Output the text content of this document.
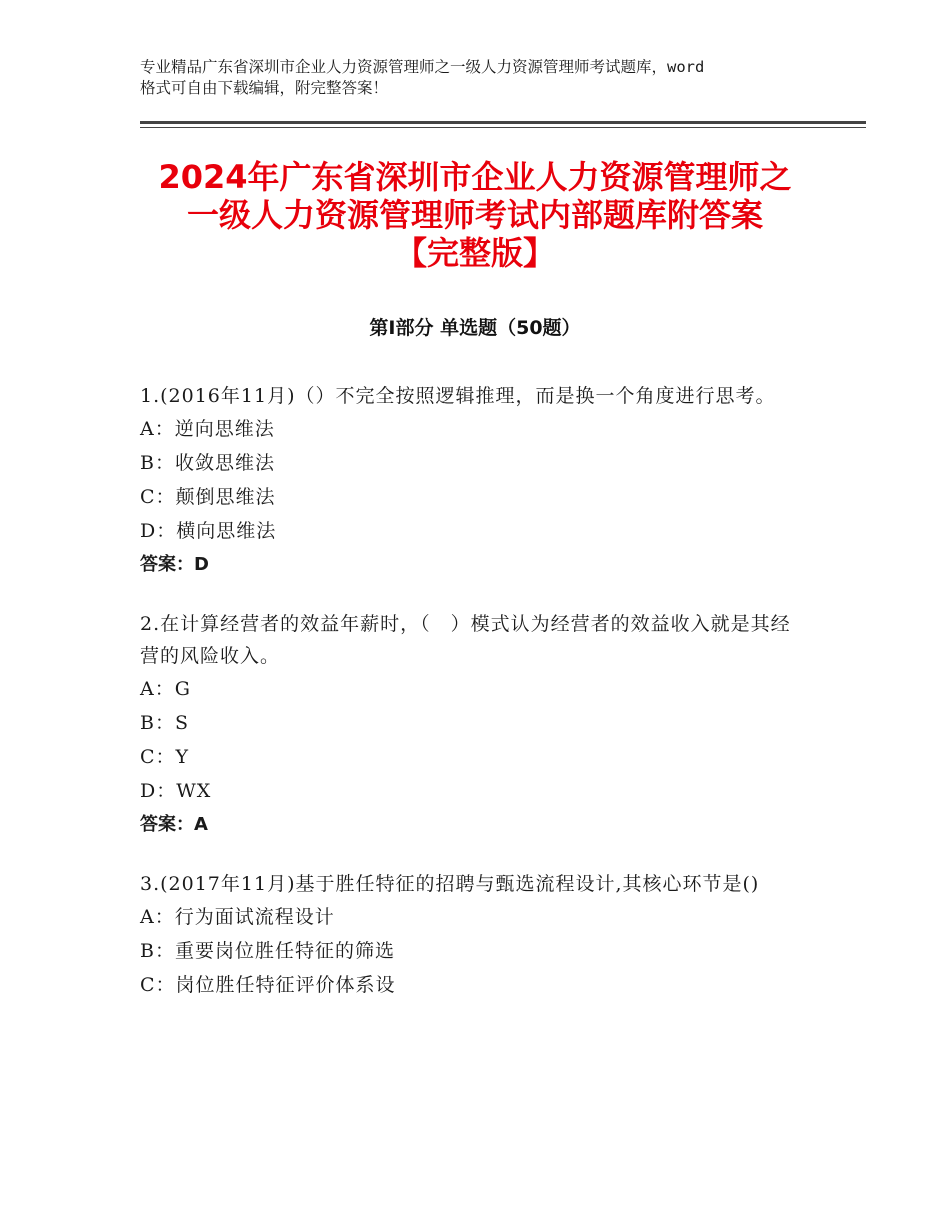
专业精品广东省深圳市企业人力资源管理师之一级人力资源管理师考试题库，word
格式可自由下载编辑，附完整答案！
2024年广东省深圳市企业人力资源管理师之
一级人力资源管理师考试内部题库附答案
【完整版】
第Ⅰ部分 单选题（50题）

1.(2016年11月)（）不完全按照逻辑推理，而是换一个角度进行思考。

A：逆向思维法

B：收敛思维法

C：颠倒思维法

D：横向思维法

答案：D

2.在计算经营者的效益年薪时，（　）模式认为经营者的效益收入就是其经营的风险收入。

A：G

B：S

C：Y

D：WX

答案：A

3.(2017年11月)基于胜任特征的招聘与甄选流程设计,其核心环节是()

A：行为面试流程设计

B：重要岗位胜任特征的筛选

C：岗位胜任特征评价体系设
